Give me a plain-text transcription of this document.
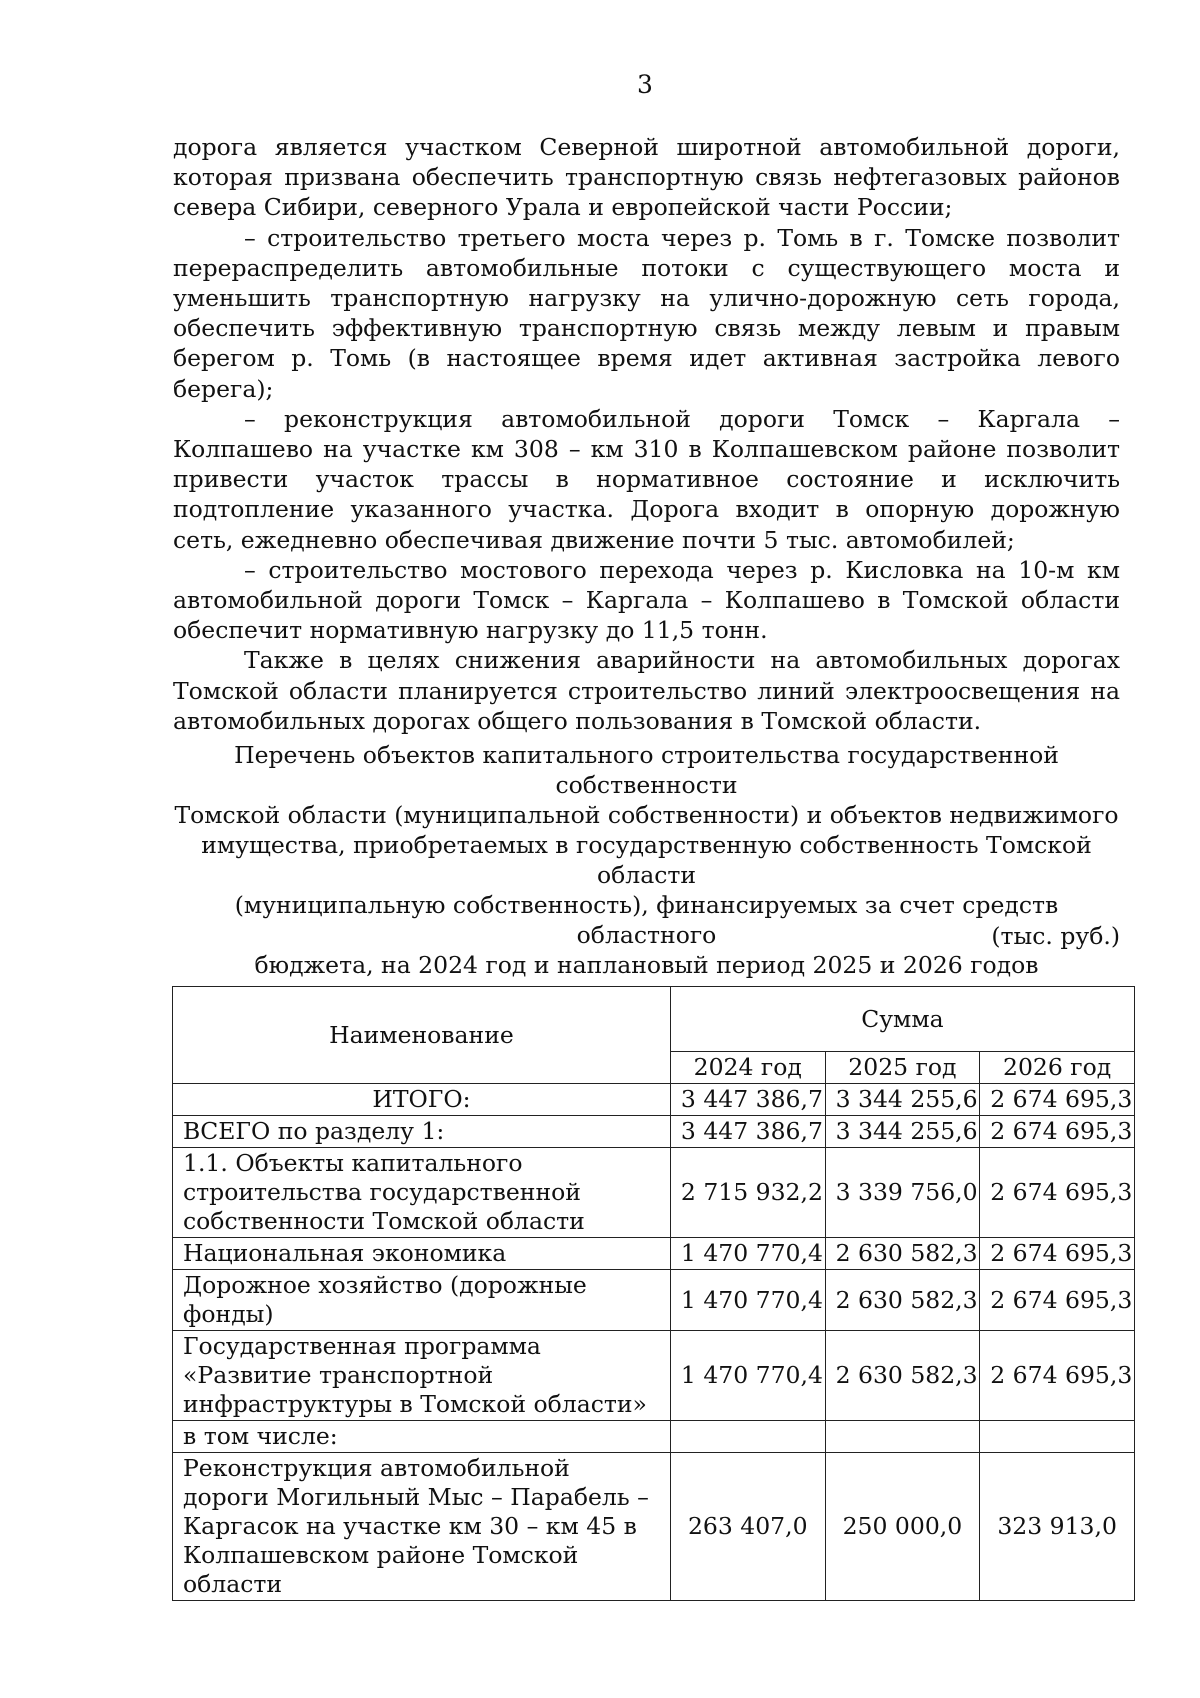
3

дорога является участком Северной широтной автомобильной дороги, которая призвана обеспечить транспортную связь нефтегазовых районов севера Сибири, северного Урала и европейской части России;

– строительство третьего моста через р. Томь в г. Томске позволит перераспределить автомобильные потоки с существующего моста и уменьшить транспортную нагрузку на улично-дорожную сеть города, обеспечить эффективную транспортную связь между левым и правым берегом р. Томь (в настоящее время идет активная застройка левого берега);

– реконструкция автомобильной дороги Томск – Каргала – Колпашево на участке км 308 – км 310 в Колпашевском районе позволит привести участок трассы в нормативное состояние и исключить подтопление указанного участка. Дорога входит в опорную дорожную сеть, ежедневно обеспечивая движение почти 5 тыс. автомобилей;

– строительство мостового перехода через р. Кисловка на 10-м км автомобильной дороги Томск – Каргала – Колпашево в Томской области обеспечит нормативную нагрузку до 11,5 тонн.

Также в целях снижения аварийности на автомобильных дорогах Томской области планируется строительство линий электроосвещения на автомобильных дорогах общего пользования в Томской области.

Перечень объектов капитального строительства государственной собственности
Томской области (муниципальной собственности) и объектов недвижимого
имущества, приобретаемых в государственную собственность Томской области
(муниципальную собственность), финансируемых за счет средств областного
бюджета, на 2024 год и наплановый период 2025 и 2026 годов
(тыс. руб.)
Наименование	Сумма		
	2024 год	2025 год	2026 год
ИТОГО:	3 447 386,7	3 344 255,6	2 674 695,3
ВСЕГО по разделу 1:	3 447 386,7	3 344 255,6	2 674 695,3
1.1. Объекты капитального строительства государственной собственности Томской области	2 715 932,2	3 339 756,0	2 674 695,3
Национальная экономика	1 470 770,4	2 630 582,3	2 674 695,3
Дорожное хозяйство (дорожные фонды)	1 470 770,4	2 630 582,3	2 674 695,3
Государственная программа «Развитие транспортной инфраструктуры в Томской области»	1 470 770,4	2 630 582,3	2 674 695,3
в том числе:			
Реконструкция автомобильной дороги Могильный Мыс – Парабель – Каргасок на участке км 30 – км 45 в Колпашевском районе Томской области	263 407,0	250 000,0	323 913,0
